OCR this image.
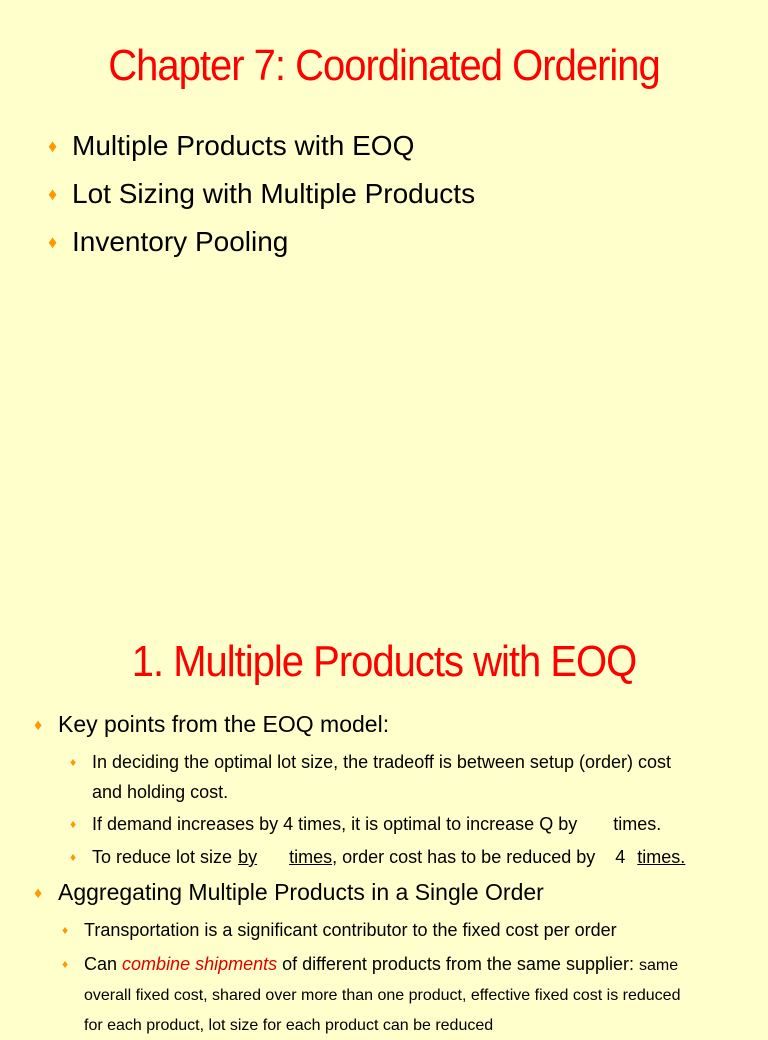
Chapter 7: Coordinated Ordering
♦ Multiple Products with EOQ
♦ Lot Sizing with Multiple Products
♦ Inventory Pooling
1. Multiple Products with EOQ
♦ Key points from the EOQ model:
♦ In deciding the optimal lot size, the tradeoff is between setup (order) cost
and holding cost.
♦ If demand increases by 4 times, it is optimal to increase Q by times.
♦ To reduce lot size by times , order cost has to be reduced by 4 times.
♦ Aggregating Multiple Products in a Single Order
♦ Transportation is a significant contributor to the fixed cost per order
♦ Can combine shipments of different products from the same supplier: same
overall fixed cost, shared over more than one product, effective fixed cost is reduced
for each product, lot size for each product can be reduced
